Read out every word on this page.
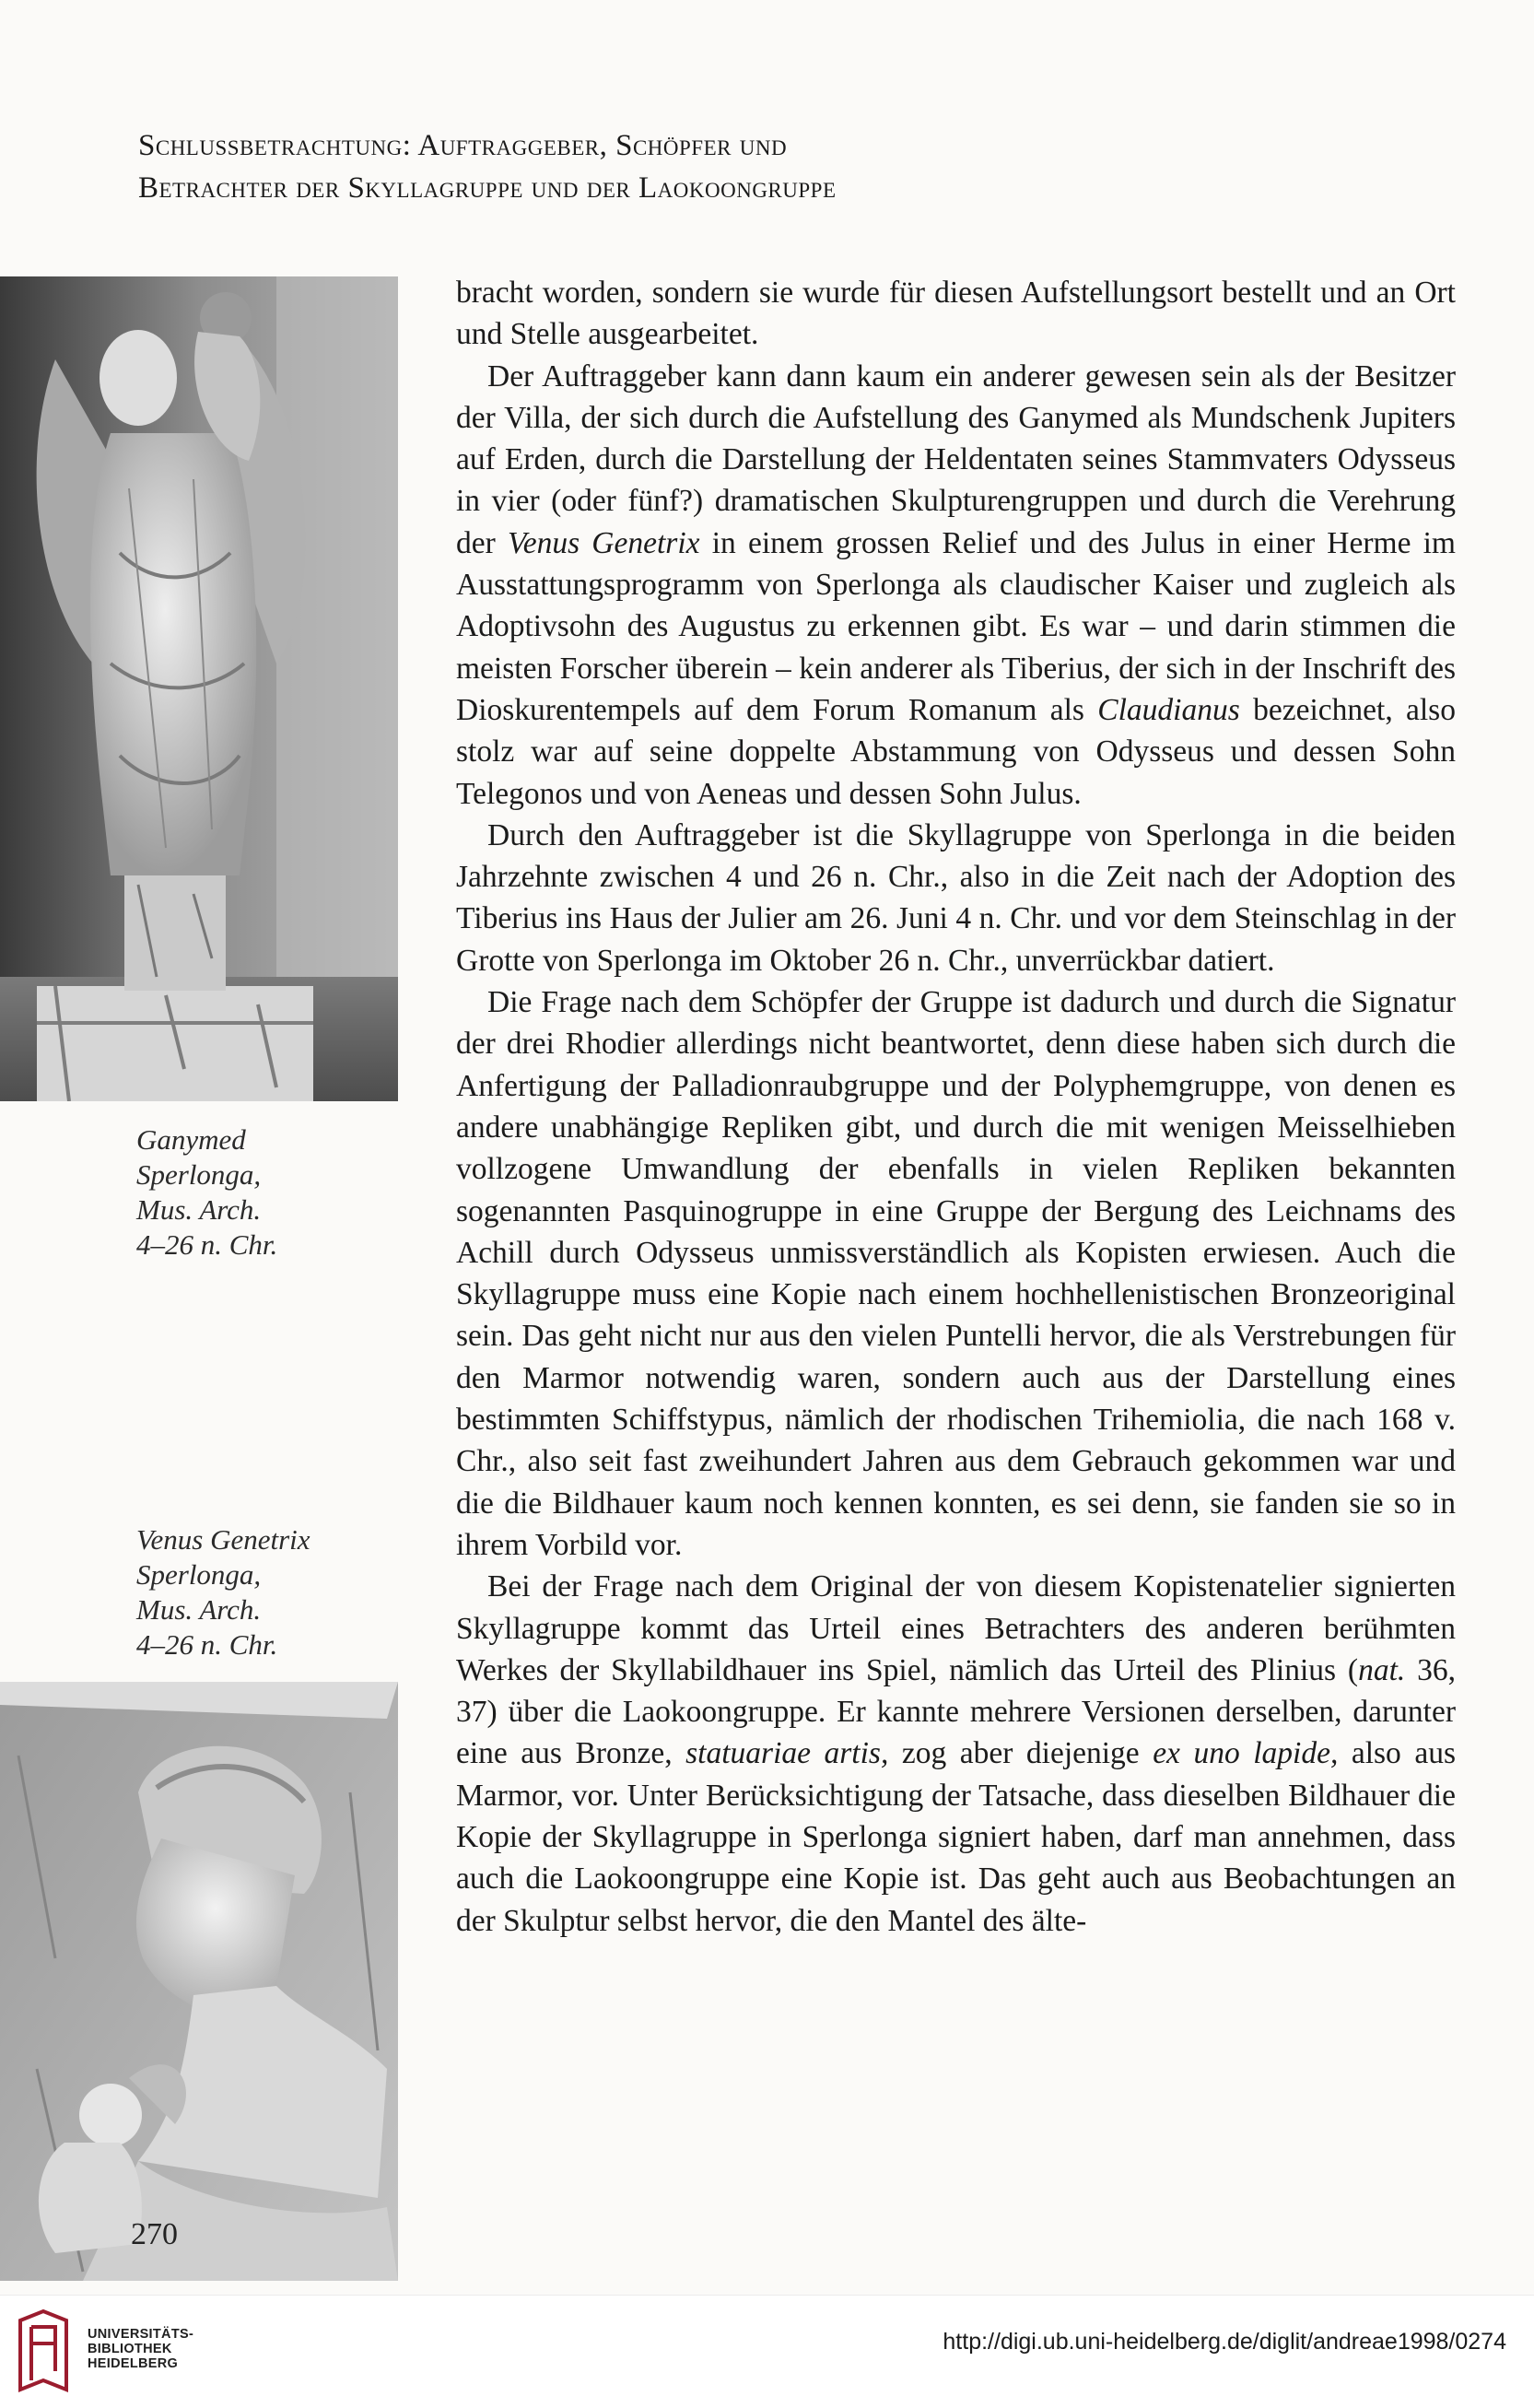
Schlussbetrachtung: Auftraggeber, Schöpfer und
Betrachter der Skyllagruppe und der Laokoongruppe
Ganymed
Sperlonga,
Mus. Arch.
4–26 n. Chr.
Venus Genetrix
Sperlonga,
Mus. Arch.
4–26 n. Chr.

bracht worden, sondern sie wurde für diesen Aufstellungsort bestellt und an Ort und Stelle ausgearbeitet.

Der Auftraggeber kann dann kaum ein anderer gewesen sein als der Besitzer der Villa, der sich durch die Aufstellung des Ganymed als Mundschenk Jupiters auf Erden, durch die Darstellung der Heldentaten seines Stammvaters Odysseus in vier (oder fünf?) dramatischen Skulpturengruppen und durch die Verehrung der Venus Genetrix in einem grossen Relief und des Julus in einer Herme im Ausstattungsprogramm von Sperlonga als claudischer Kaiser und zugleich als Adoptivsohn des Augustus zu erkennen gibt. Es war – und darin stimmen die meisten Forscher überein – kein anderer als Tiberius, der sich in der Inschrift des Dioskurentempels auf dem Forum Romanum als Claudianus bezeichnet, also stolz war auf seine doppelte Abstammung von Odysseus und dessen Sohn Telegonos und von Aeneas und dessen Sohn Julus.

Durch den Auftraggeber ist die Skyllagruppe von Sperlonga in die beiden Jahrzehnte zwischen 4 und 26 n. Chr., also in die Zeit nach der Adoption des Tiberius ins Haus der Julier am 26. Juni 4 n. Chr. und vor dem Steinschlag in der Grotte von Sperlonga im Oktober 26 n. Chr., unverrückbar datiert.

Die Frage nach dem Schöpfer der Gruppe ist dadurch und durch die Signatur der drei Rhodier allerdings nicht beantwortet, denn diese haben sich durch die Anfertigung der Palladionraubgruppe und der Polyphemgruppe, von denen es andere unabhängige Repliken gibt, und durch die mit wenigen Meisselhieben vollzogene Umwandlung der ebenfalls in vielen Repliken bekannten sogenannten Pasquinogruppe in eine Gruppe der Bergung des Leichnams des Achill durch Odysseus unmissverständlich als Kopisten erwiesen. Auch die Skyllagruppe muss eine Kopie nach einem hochhellenistischen Bronzeoriginal sein. Das geht nicht nur aus den vielen Puntelli hervor, die als Verstrebungen für den Marmor notwendig waren, sondern auch aus der Darstellung eines bestimmten Schiffstypus, nämlich der rhodischen Trihemiolia, die nach 168 v. Chr., also seit fast zweihundert Jahren aus dem Gebrauch gekommen war und die die Bildhauer kaum noch kennen konnten, es sei denn, sie fanden sie so in ihrem Vorbild vor.

Bei der Frage nach dem Original der von diesem Kopistenatelier signierten Skyllagruppe kommt das Urteil eines Betrachters des anderen berühmten Werkes der Skyllabildhauer ins Spiel, nämlich das Urteil des Plinius (nat. 36, 37) über die Laokoongruppe. Er kannte mehrere Versionen derselben, darunter eine aus Bronze, statuariae artis, zog aber diejenige ex uno lapide, also aus Marmor, vor. Unter Berücksichtigung der Tatsache, dass dieselben Bildhauer die Kopie der Skyllagruppe in Sperlonga signiert haben, darf man annehmen, dass auch die Laokoongruppe eine Kopie ist. Das geht auch aus Beobachtungen an der Skulptur selbst hervor, die den Mantel des älte-

270
UNIVERSITÄTS-
BIBLIOTHEK
HEIDELBERG
http://digi.ub.uni-heidelberg.de/diglit/andreae1998/0274
